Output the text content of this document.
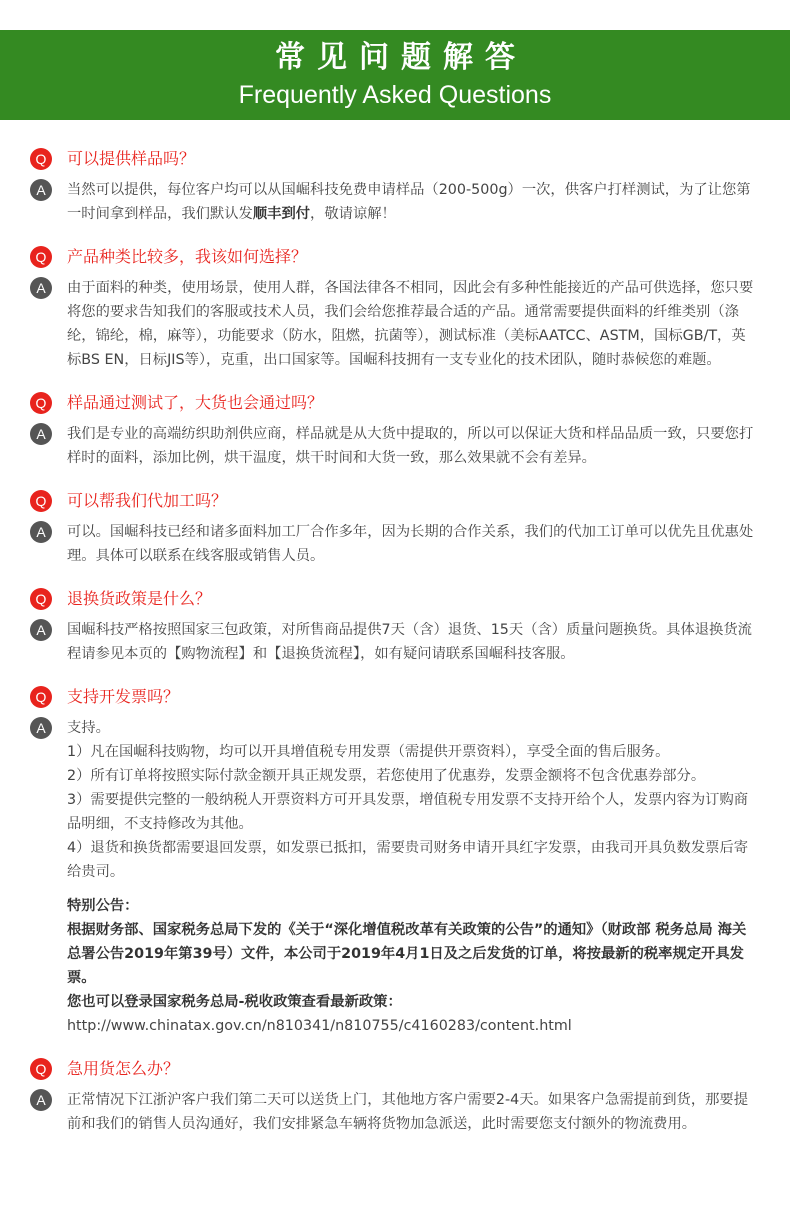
常见问题解答
Frequently Asked Questions
Q	可以提供样品吗？
A	当然可以提供，每位客户均可以从国崛科技免费申请样品（200-500g）一次，供客户打样测试，为了让您第一时间拿到样品，我们默认发顺丰到付，敬请谅解！
Q	产品种类比较多，我该如何选择？
A	由于面料的种类，使用场景，使用人群，各国法律各不相同，因此会有多种性能接近的产品可供选择，您只要将您的要求告知我们的客服或技术人员，我们会给您推荐最合适的产品。通常需要提供面料的纤维类别（涤纶，锦纶，棉，麻等），功能要求（防水，阻燃，抗菌等），测试标准（美标AATCC、ASTM，国标GB/T，英标BS EN，日标JIS等），克重，出口国家等。国崛科技拥有一支专业化的技术团队，随时恭候您的难题。
Q	样品通过测试了，大货也会通过吗？
A	我们是专业的高端纺织助剂供应商，样品就是从大货中提取的，所以可以保证大货和样品品质一致，只要您打样时的面料，添加比例，烘干温度，烘干时间和大货一致，那么效果就不会有差异。
Q	可以帮我们代加工吗？
A	可以。国崛科技已经和诸多面料加工厂合作多年，因为长期的合作关系，我们的代加工订单可以优先且优惠处理。具体可以联系在线客服或销售人员。
Q	退换货政策是什么？
A	国崛科技严格按照国家三包政策，对所售商品提供7天（含）退货、15天（含）质量问题换货。具体退换货流程请参见本页的【购物流程】和【退换货流程】，如有疑问请联系国崛科技客服。
Q	支持开发票吗？
A	支持。

1）凡在国崛科技购物，均可以开具增值税专用发票（需提供开票资料），享受全面的售后服务。

2）所有订单将按照实际付款金额开具正规发票，若您使用了优惠券，发票金额将不包含优惠券部分。

3）需要提供完整的一般纳税人开票资料方可开具发票，增值税专用发票不支持开给个人，发票内容为订购商品明细，不支持修改为其他。

4）退货和换货都需要退回发票，如发票已抵扣，需要贵司财务申请开具红字发票，由我司开具负数发票后寄给贵司。

特别公告：

根据财务部、国家税务总局下发的《关于“深化增值税改革有关政策的公告”的通知》（财政部 税务总局 海关总署公告2019年第39号）文件，本公司于2019年4月1日及之后发货的订单，将按最新的税率规定开具发票。

您也可以登录国家税务总局-税收政策查看最新政策：

http://www.chinatax.gov.cn/n810341/n810755/c4160283/content.html

Q	急用货怎么办？
A	正常情况下江浙沪客户我们第二天可以送货上门，其他地方客户需要2-4天。如果客户急需提前到货，那要提前和我们的销售人员沟通好，我们安排紧急车辆将货物加急派送，此时需要您支付额外的物流费用。
